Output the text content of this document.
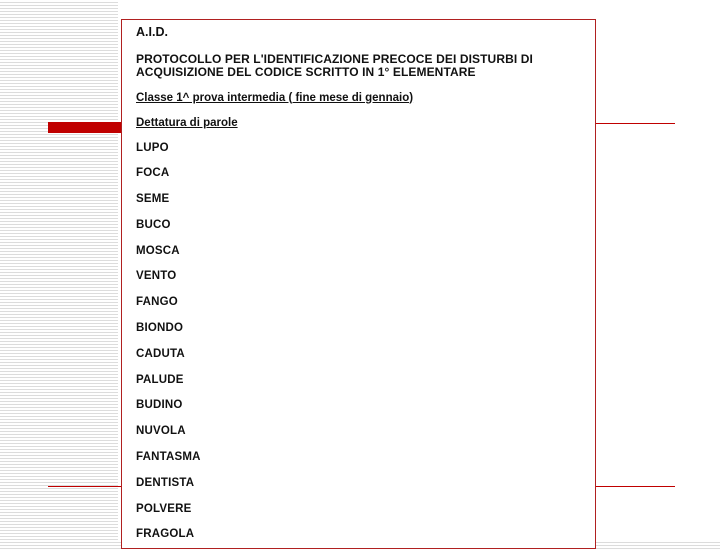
A.I.D.
PROTOCOLLO PER L'IDENTIFICAZIONE PRECOCE DEI DISTURBI DI
ACQUISIZIONE DEL CODICE SCRITTO IN 1° ELEMENTARE
Classe 1^ prova intermedia ( fine mese di gennaio)
Dettatura di parole
LUPO
FOCA
SEME
BUCO
MOSCA
VENTO
FANGO
BIONDO
CADUTA
PALUDE
BUDINO
NUVOLA
FANTASMA
DENTISTA
POLVERE
FRAGOLA
